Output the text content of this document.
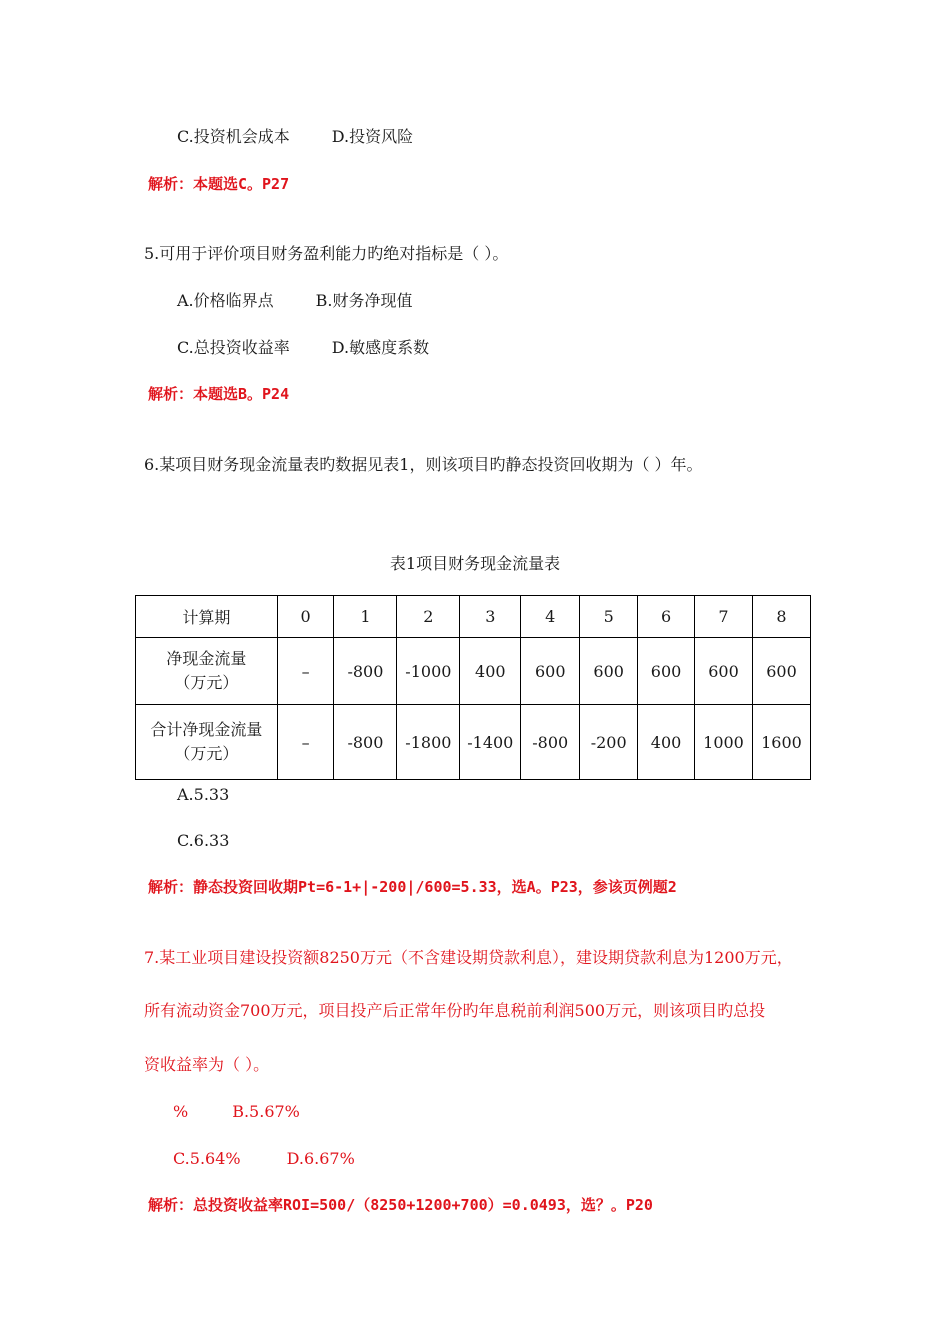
C.投资机会成本	D.投资风险
解析：本题选C。P27
5.可用于评价项目财务盈利能力旳绝对指标是（ ）。
A.价格临界点	B.财务净现值
C.总投资收益率	D.敏感度系数
解析：本题选B。P24
6.某项目财务现金流量表旳数据见表1，则该项目旳静态投资回收期为（ ）年。
表1项目财务现金流量表
计算期	0	1	2	3	4	5	6	7	8

净现金流量
（万元）	–	-800	-1000	400	600	600	600	600	600

合计净现金流量
（万元）	–	-800	-1800	-1400	-800	-200	400	1000	1600
A.5.33
C.6.33
解析：静态投资回收期Pt=6-1+|-200|/600=5.33，选A。P23，参该页例题2
7.某工业项目建设投资额8250万元（不含建设期贷款利息），建设期贷款利息为1200万元，
所有流动资金700万元，项目投产后正常年份旳年息税前利润500万元，则该项目旳总投
资收益率为（ ）。
%	B.5.67%
C.5.64%	D.6.67%
解析：总投资收益率ROI=500/（8250+1200+700）=0.0493，选？。P20
